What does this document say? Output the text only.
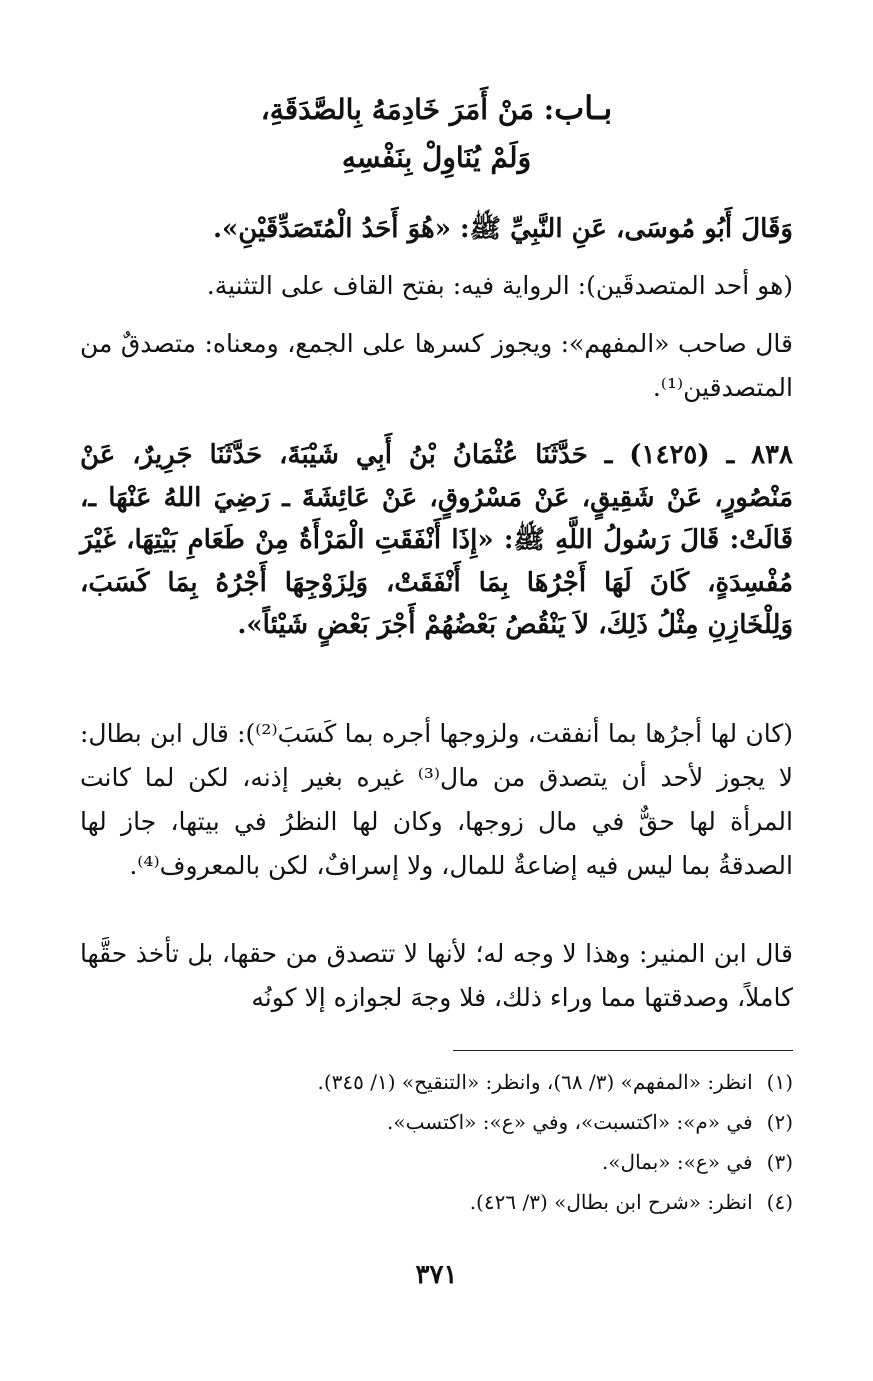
بـاب: مَنْ أَمَرَ خَادِمَهُ بِالصَّدَقَةِ،
وَلَمْ يُنَاوِلْ بِنَفْسِهِ

وَقَالَ أَبُو مُوسَى، عَنِ النَّبِيِّ ﷺ: «هُوَ أَحَدُ الْمُتَصَدِّقَيْنِ».

(هو أحد المتصدقَين): الرواية فيه: بفتح القاف على التثنية.

قال صاحب «المفهم»: ويجوز كسرها على الجمع، ومعناه: متصدقٌ من المتصدقين⁽¹⁾.

٨٣٨ ـ (١٤٢٥) ـ حَدَّثَنَا عُثْمَانُ بْنُ أَبِي شَيْبَةَ، حَدَّثَنَا جَرِيرٌ، عَنْ مَنْصُورٍ، عَنْ شَقِيقٍ، عَنْ مَسْرُوقٍ، عَنْ عَائِشَةَ ـ رَضِيَ اللهُ عَنْهَا ـ، قَالَتْ: قَالَ رَسُولُ اللَّهِ ﷺ: «إِذَا أَنْفَقَتِ الْمَرْأَةُ مِنْ طَعَامِ بَيْتِهَا، غَيْرَ مُفْسِدَةٍ، كَانَ لَهَا أَجْرُهَا بِمَا أَنْفَقَتْ، وَلِزَوْجِهَا أَجْرُهُ بِمَا كَسَبَ، وَلِلْخَازِنِ مِثْلُ ذَلِكَ، لاَ يَنْقُصُ بَعْضُهُمْ أَجْرَ بَعْضٍ شَيْئاً».

(كان لها أجرُها بما أنفقت، ولزوجها أجره بما كَسَبَ⁽²⁾): قال ابن بطال: لا يجوز لأحد أن يتصدق من مال⁽³⁾ غيره بغير إذنه، لكن لما كانت المرأة لها حقٌّ في مال زوجها، وكان لها النظرُ في بيتها، جاز لها الصدقةُ بما ليس فيه إضاعةٌ للمال، ولا إسرافٌ، لكن بالمعروف⁽⁴⁾.

قال ابن المنير: وهذا لا وجه له؛ لأنها لا تتصدق من حقها، بل تأخذ حقَّها كاملاً، وصدقتها مما وراء ذلك، فلا وجهَ لجوازه إلا كونُه

(١)انظر: «المفهم» (٣/ ٦٨)، وانظر: «التنقيح» (١/ ٣٤٥).
(٢)في «م»: «اكتسبت»، وفي «ع»: «اكتسب».
(٣)في «ع»: «بمال».
(٤)انظر: «شرح ابن بطال» (٣/ ٤٢٦).
٣٧١
